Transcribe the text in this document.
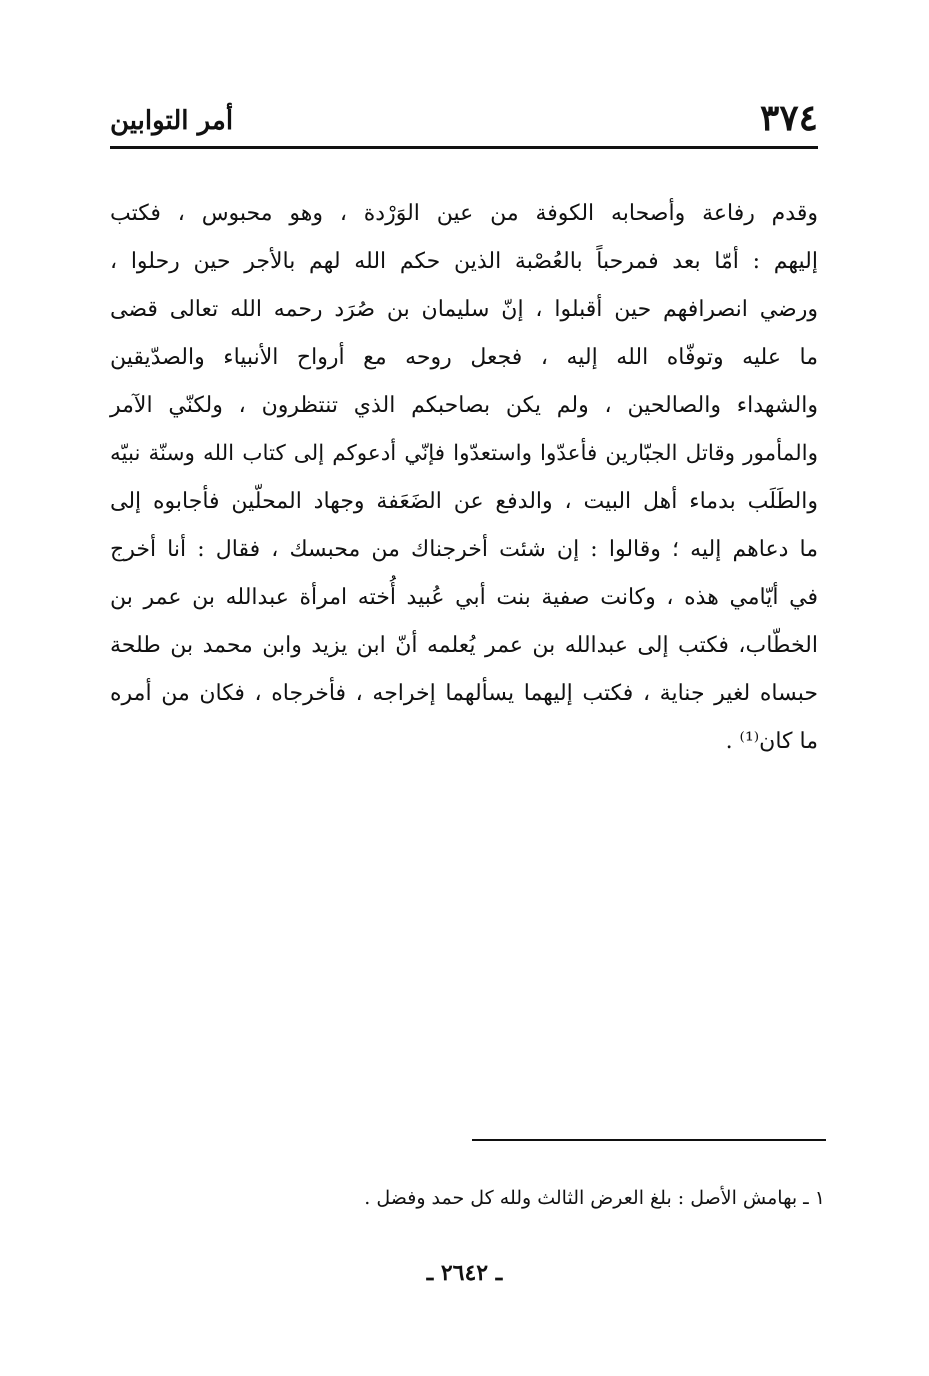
٣٧٤
أمر التوابين
وقدم رفاعة وأصحابه الكوفة من عين الوَرْدة ، وهو محبوس ، فكتب
إليهم : أمّا بعد فمرحباً بالعُصْبة الذين حكم الله لهم بالأجر حين رحلوا ،
ورضي انصرافهم حين أقبلوا ، إنّ سليمان بن صُرَد رحمه الله تعالى قضى
ما عليه وتوفّاه الله إليه ، فجعل روحه مع أرواح الأنبياء والصدّيقين
والشهداء والصالحين ، ولم يكن بصاحبكم الذي تنتظرون ، ولكنّي الآمر
والمأمور وقاتل الجبّارين فأعدّوا واستعدّوا فإنّي أدعوكم إلى كتاب الله وسنّة نبيّه
والطَلَب بدماء أهل البيت ، والدفع عن الضَعَفة وجهاد المحلّين فأجابوه إلى
ما دعاهم إليه ؛ وقالوا : إن شئت أخرجناك من محبسك ، فقال : أنا أخرج
في أيّامي هذه ، وكانت صفية بنت أبي عُبيد أُخته امرأة عبدالله بن عمر بن
الخطّاب، فكتب إلى عبدالله بن عمر يُعلمه أنّ ابن يزيد وابن محمد بن طلحة
حبساه لغير جناية ، فكتب إليهما يسألهما إخراجه ، فأخرجاه ، فكان من أمره
ما كان⁽¹⁾ .
١ ـ بهامش الأصل : بلغ العرض الثالث ولله كل حمد وفضل .
ـ ٢٦٤٢ ـ
